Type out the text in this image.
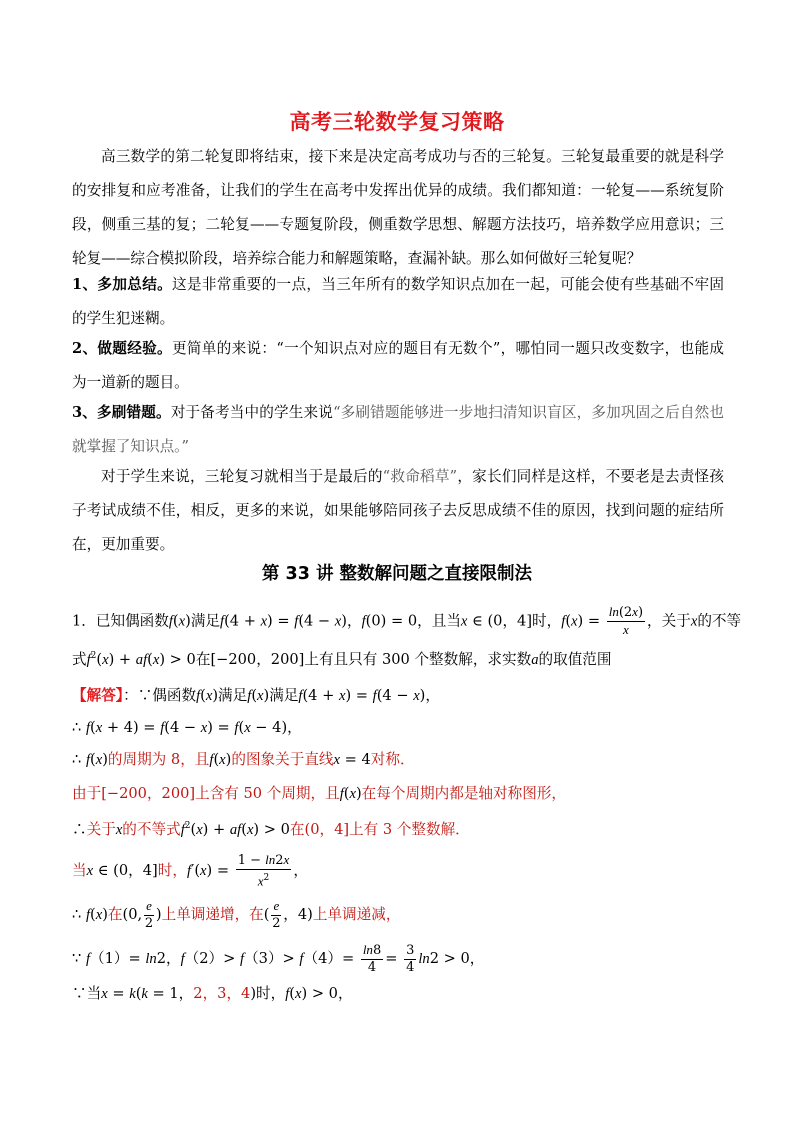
高考三轮数学复习策略
高三数学的第二轮复即将结束，接下来是决定高考成功与否的三轮复。三轮复最重要的就是科学的安排复和应考准备，让我们的学生在高考中发挥出优异的成绩。我们都知道：一轮复——系统复阶段，侧重三基的复；二轮复——专题复阶段，侧重数学思想、解题方法技巧，培养数学应用意识；三轮复——综合模拟阶段，培养综合能力和解题策略，查漏补缺。那么如何做好三轮复呢？
1、多加总结。这是非常重要的一点，当三年所有的数学知识点加在一起，可能会使有些基础不牢固的学生犯迷糊。
2、做题经验。更简单的来说：“一个知识点对应的题目有无数个”，哪怕同一题只改变数字，也能成为一道新的题目。
3、多刷错题。对于备考当中的学生来说“多刷错题能够进一步地扫清知识盲区，多加巩固之后自然也就掌握了知识点。”
对于学生来说，三轮复习就相当于是最后的“救命稻草”，家长们同样是这样，不要老是去责怪孩子考试成绩不佳，相反，更多的来说，如果能够陪同孩子去反思成绩不佳的原因，找到问题的症结所在，更加重要。
第 33 讲 整数解问题之直接限制法
1．已知偶函数f(x)满足f(4 + x) = f(4 − x)，f(0) = 0，且当x ∈ (0，4]时，$f(x) = \frac{\ln(2x)}{x}$ ，关于x的不等
式$f^2(x) + af(x) > 0$在[−200，200]上有且只有 300 个整数解，求实数a的取值范围
【解答】：∵偶函数f(x)满足f(x)满足f(4 + x) = f(4 − x)，
∴ f(x + 4) = f(4 − x) = f(x − 4)，
∴ f(x)的周期为 8，且f(x)的图象关于直线x = 4对称．
由于[−200，200]上含有 50 个周期，且f(x)在每个周期内都是轴对称图形，
∴关于x的不等式$f^2(x) + af(x) > 0$在(0，4]上有 3 个整数解．
当x ∈ (0，4]时，$f'(x) = \frac{1 - \ln 2x}{x^2}$ ，
∴ f(x)在(0, $\frac{e}{2}$ )上单调递增，在( $\frac{e}{2}$ ，4)上单调递减，
∵ f（1）= ln2，$f(2)> f(3)> f(4)= \frac{\ln 8}{4} = \frac{3}{4} \ln 2 > 0$，
∵当x = k(k = 1，2，3，4)时，f(x) > 0，
